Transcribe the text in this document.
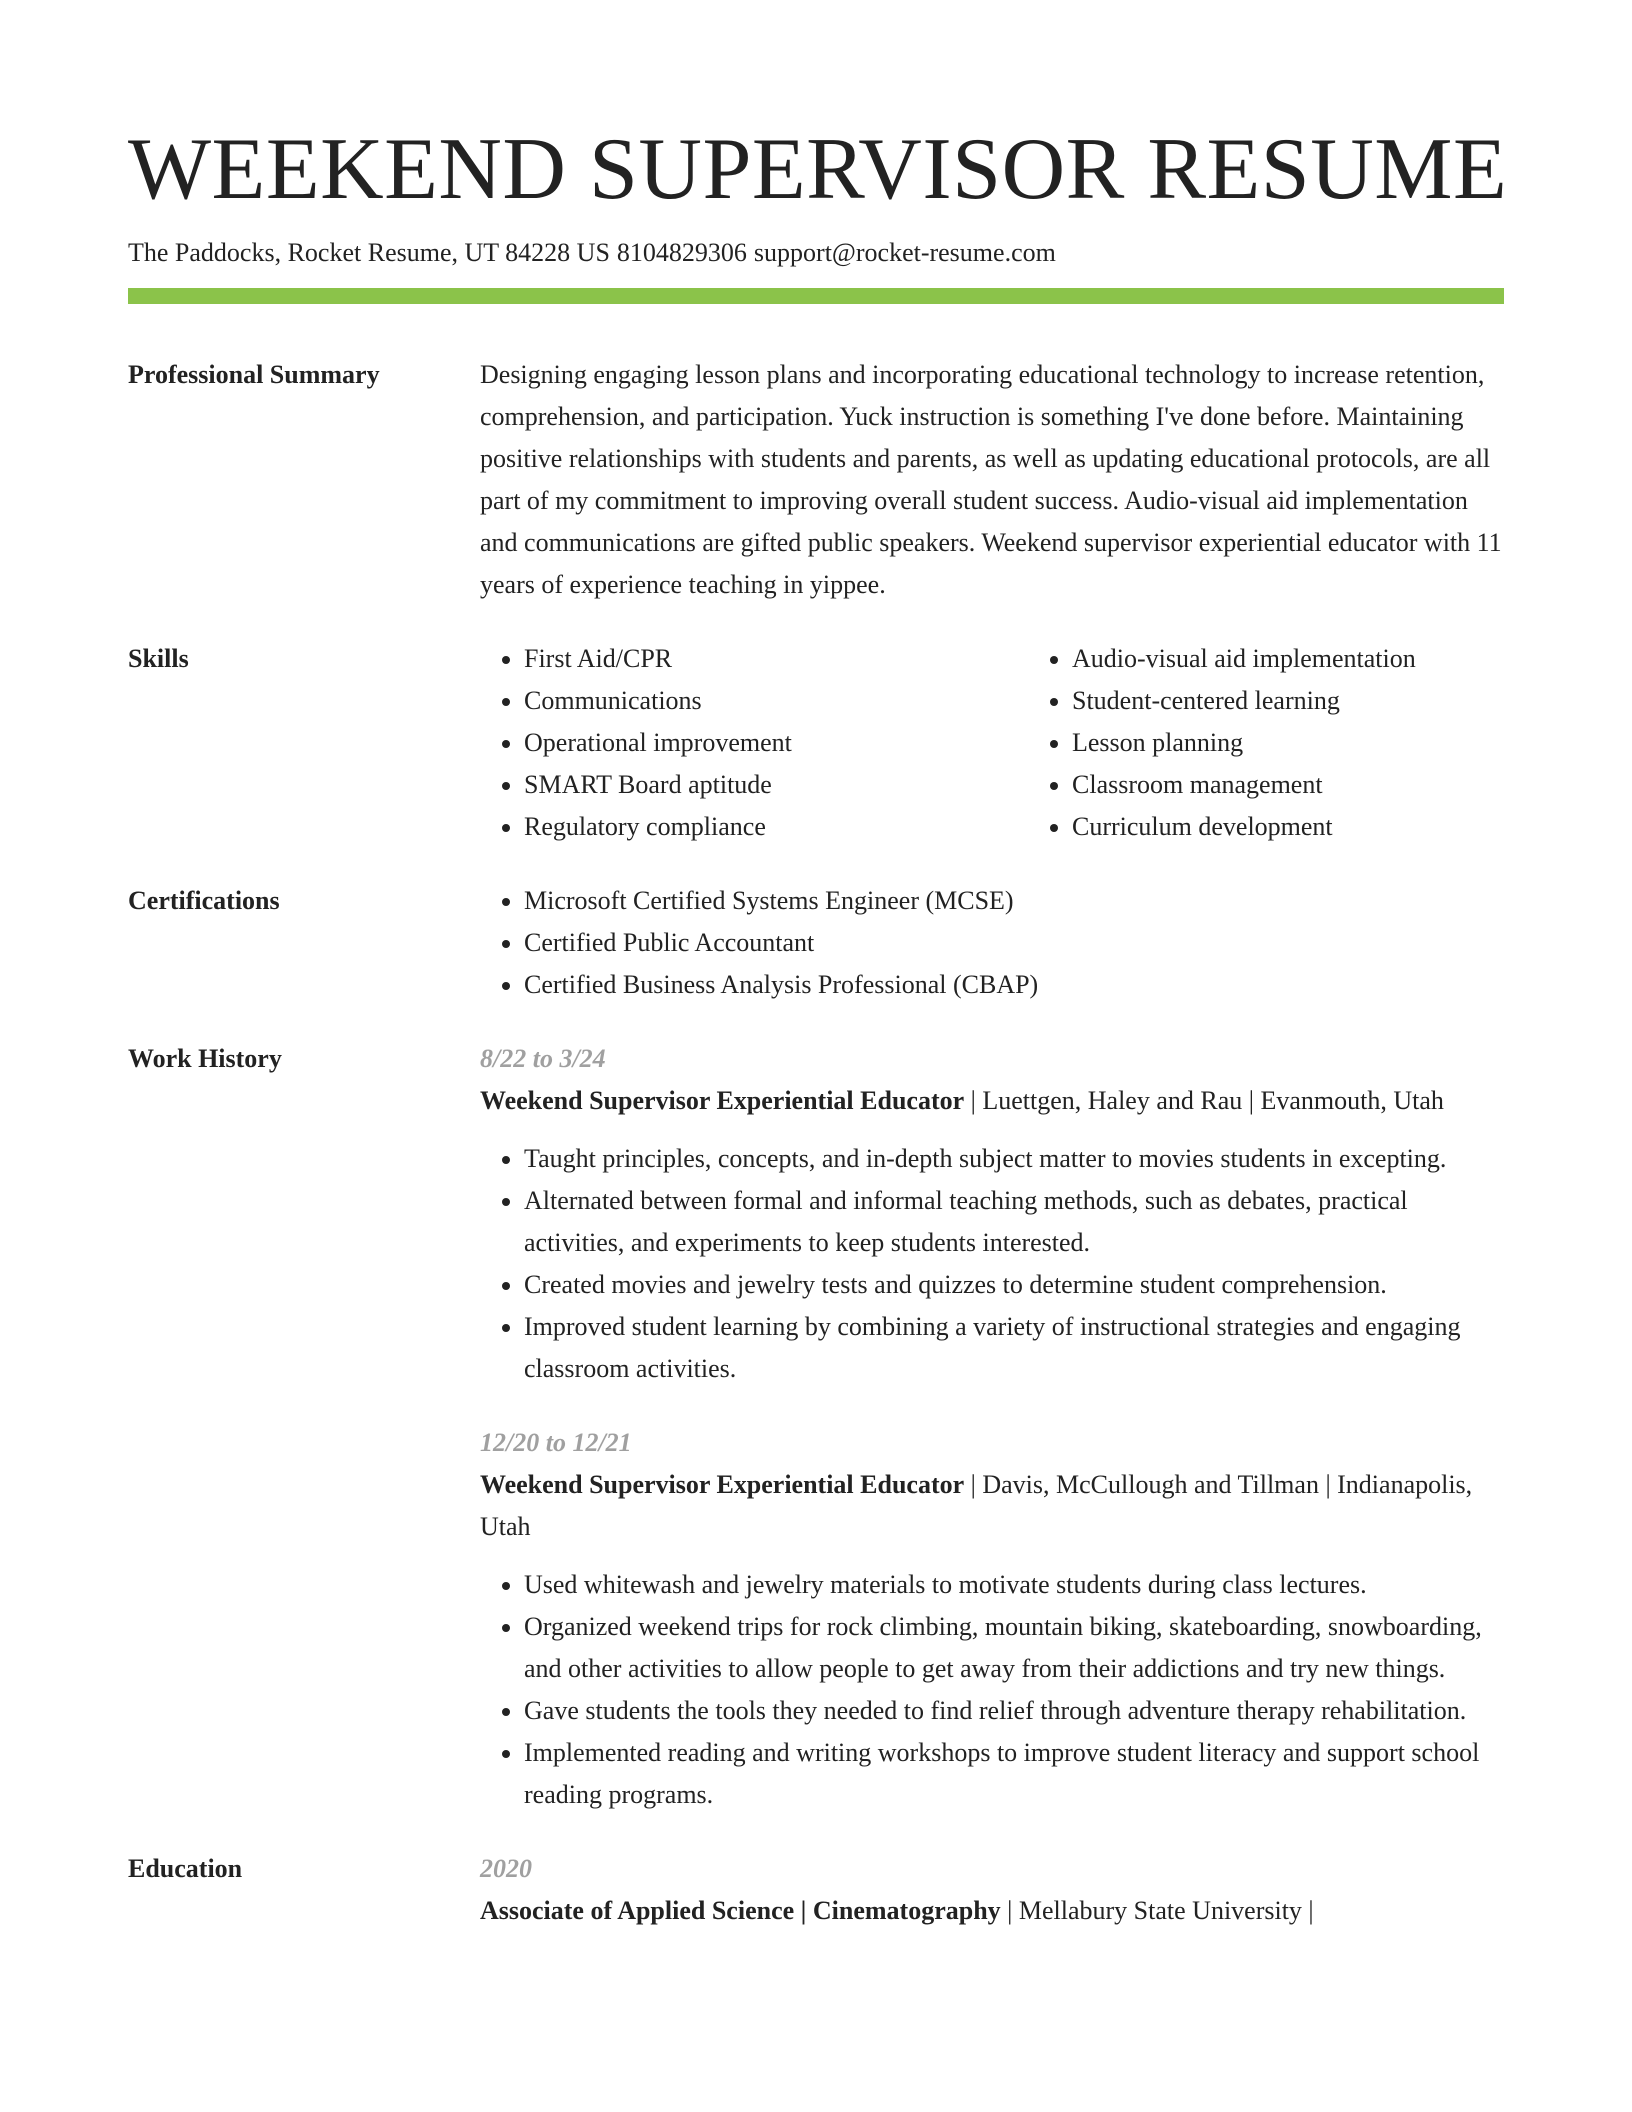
WEEKEND SUPERVISOR RESUME
The Paddocks, Rocket Resume, UT 84228 US 8104829306 support@rocket-resume.com
Professional Summary	Designing engaging lesson plans and incorporating educational technology to increase retention, comprehension, and participation. Yuck instruction is something I've done before. Maintaining positive relationships with students and parents, as well as updating educational protocols, are all part of my commitment to improving overall student success. Audio-visual aid implementation and communications are gifted public speakers. Weekend supervisor experiential educator with 11 years of experience teaching in yippee.

Skills	• First Aid/CPR
• Communications
• Operational improvement
• SMART Board aptitude
• Regulatory compliance
• Audio-visual aid implementation
• Student-centered learning
• Lesson planning
• Classroom management
• Curriculum development
Certifications	• Microsoft Certified Systems Engineer (MCSE)
• Certified Public Accountant
• Certified Business Analysis Professional (CBAP)
Work History	8/22 to 3/24
Weekend Supervisor Experiential Educator | Luettgen, Haley and Rau | Evanmouth, Utah
• Taught principles, concepts, and in-depth subject matter to movies students in excepting.
• Alternated between formal and informal teaching methods, such as debates, practical activities, and experiments to keep students interested.
• Created movies and jewelry tests and quizzes to determine student comprehension.
• Improved student learning by combining a variety of instructional strategies and engaging classroom activities.
12/20 to 12/21
Weekend Supervisor Experiential Educator | Davis, McCullough and Tillman | Indianapolis, Utah
• Used whitewash and jewelry materials to motivate students during class lectures.
• Organized weekend trips for rock climbing, mountain biking, skateboarding, snowboarding, and other activities to allow people to get away from their addictions and try new things.
• Gave students the tools they needed to find relief through adventure therapy rehabilitation.
• Implemented reading and writing workshops to improve student literacy and support school reading programs.
Education	2020
Associate of Applied Science | Cinematography | Mellabury State University |
